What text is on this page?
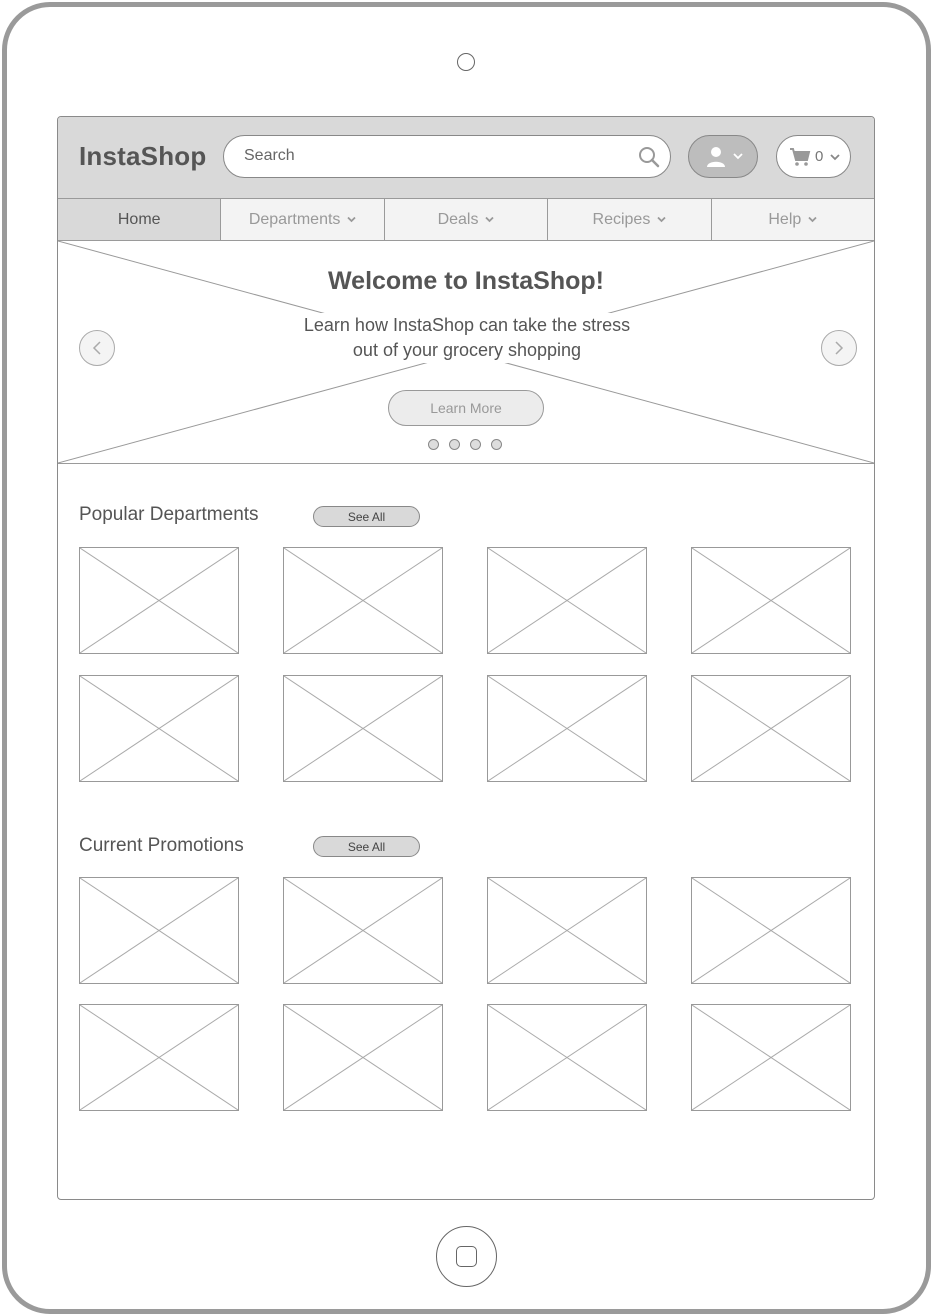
InstaShop
Search	0
Home	Departments	Deals	Recipes	Help
Welcome to InstaShop!
Learn how InstaShop can take the stress out of your grocery shopping
Learn More
Popular Departments	See All
Current Promotions	See All
